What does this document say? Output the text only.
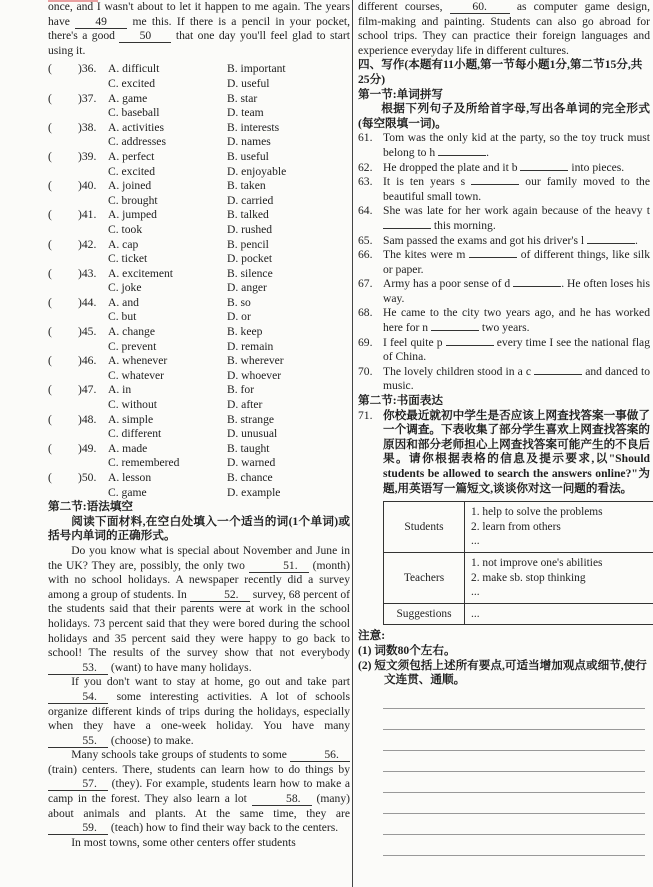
once, and I wasn't about to let it happen to me again. The years have 49 me this. If there is a pencil in your pocket, there's a good 50 that one day you'll feel glad to start using it.

(	)36.	A. difficult	B. important
C. excited	D. useful
(	)37.	A. game	B. star
C. baseball	D. team
(	)38.	A. activities	B. interests
C. addresses	D. names
(	)39.	A. perfect	B. useful
C. excited	D. enjoyable
(	)40.	A. joined	B. taken
C. brought	D. carried
(	)41.	A. jumped	B. talked
C. took	D. rushed
(	)42.	A. cap	B. pencil
C. ticket	D. pocket
(	)43.	A. excitement	B. silence
C. joke	D. anger
(	)44.	A. and	B. so
C. but	D. or
(	)45.	A. change	B. keep
C. prevent	D. remain
(	)46.	A. whenever	B. wherever
C. whatever	D. whoever
(	)47.	A. in	B. for
C. without	D. after
(	)48.	A. simple	B. strange
C. different	D. unusual
(	)49.	A. made	B. taught
C. remembered	D. warned
(	)50.	A. lesson	B. chance
C. game	D. example
第二节:语法填空

阅读下面材料,在空白处填入一个适当的词(1个单词)或括号内单词的正确形式。

Do you know what is special about November and June in the UK? They are, possibly, the only two	51. (month) with no school holidays. A newspaper recently did a survey among a group of students. In	52. survey, 68 percent of the students said that their parents were at work in the school holidays. 73 percent said that they were bored during the school holidays and 35 percent said they were happy to go back to school! The results of the survey show that not everybody 53. (want) to have many holidays.

If you don't want to stay at home, go out and take part 54. some interesting activities. A lot of schools organize different kinds of trips during the holidays, especially when they have a one-week holiday. You have many 55. (choose) to make.

Many schools take groups of students to some	56. (train) centers. There, students can learn how to do things by 57. (they). For example, students learn how to make a camp in the forest. They also learn a lot	58. (many) about animals and plants. At the same time, they are 59. (teach) how to find their way back to the centers.

In most towns, some other centers offer students

different courses, 60. as computer game design, film-making and painting. Students can also go abroad for school trips. They can practice their foreign languages and experience everyday life in different cultures.

四、写作(本题有11小题,第一节每小题1分,第二节15分,共25分)
第一节:单词拼写

根据下列句子及所给首字母,写出各单词的完全形式(每空限填一词)。

61. Tom was the only kid at the party, so the toy truck must belong to h	.
62. He dropped the plate and it b	into pieces.
63. It is ten years s	our family moved to the beautiful small town.
64. She was late for her work again because of the heavy t  this morning.
65. Sam passed the exams and got his driver's l	.
66. The kites were m	of different things, like silk or paper.
67. Army has a poor sense of d	. He often loses his way.
68. He came to the city two years ago, and he has worked here for n	two years.
69. I feel quite p	every time I see the national flag of China.
70. The lovely children stood in a c	and danced to music.
第二节:书面表达
71. 你校最近就初中学生是否应该上网查找答案一事做了一个调查。下表收集了部分学生喜欢上网查找答案的原因和部分老师担心上网查找答案可能产生的不良后果。请你根据表格的信息及提示要求,以"Should students be allowed to search the answers online?"为题,用英语写一篇短文,谈谈你对这一问题的看法。
Students	1. help to solve the problems
2. learn from others
...

Teachers	1. not improve one's abilities
2. make sb. stop thinking
...

Suggestions	...
注意:
(1) 词数80个左右。
(2) 短文须包括上述所有要点,可适当增加观点或细节,使行文连贯、通顺。
